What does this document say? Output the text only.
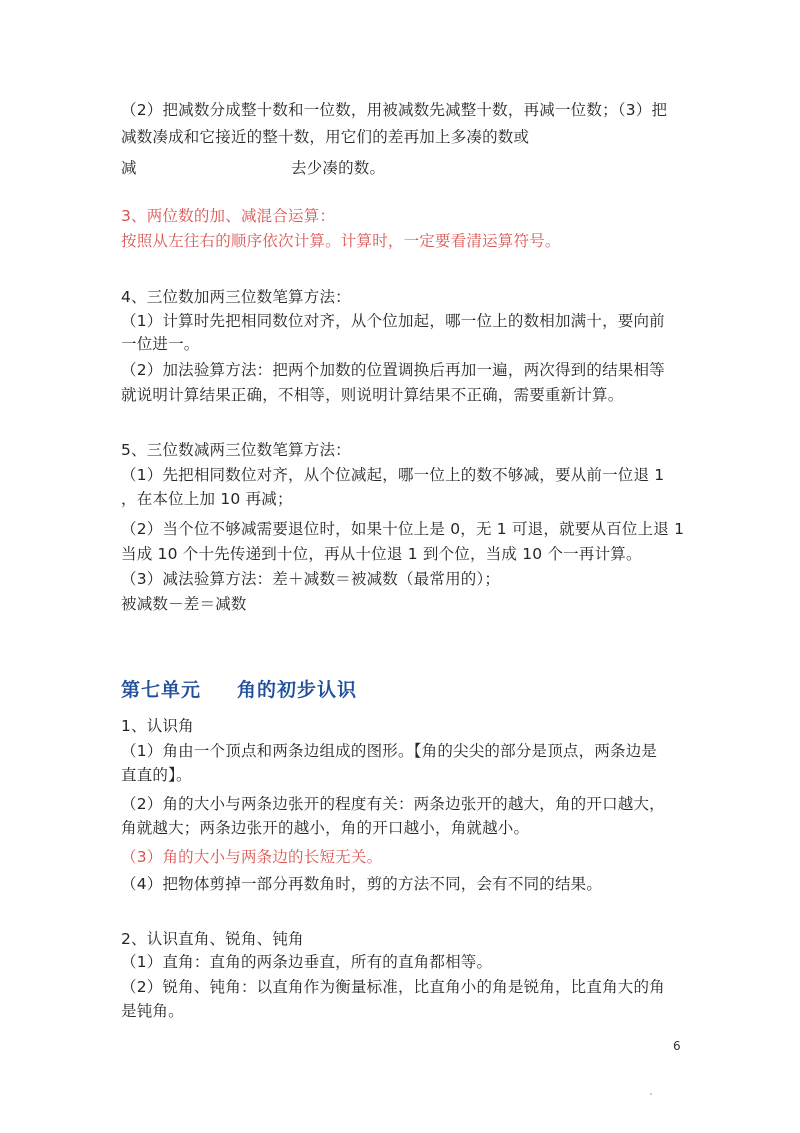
（2）把减数分成整十数和一位数，用被减数先减整十数，再减一位数；（3）把
减数凑成和它接近的整十数，用它们的差再加上多凑的数或
减	去少凑的数。
3、两位数的加、减混合运算：
按照从左往右的顺序依次计算。计算时，一定要看清运算符号。
4、三位数加两三位数笔算方法：
（1）计算时先把相同数位对齐，从个位加起，哪一位上的数相加满十，要向前
一位进一。
（2）加法验算方法：把两个加数的位置调换后再加一遍，两次得到的结果相等
就说明计算结果正确，不相等，则说明计算结果不正确，需要重新计算。
5、三位数减两三位数笔算方法：
（1）先把相同数位对齐，从个位减起，哪一位上的数不够减，要从前一位退 1
，在本位上加 10 再减；
（2）当个位不够减需要退位时，如果十位上是 0，无 1 可退，就要从百位上退 1
当成 10 个十先传递到十位，再从十位退 1 到个位，当成 10 个一再计算。
（3）减法验算方法：差＋减数＝被减数（最常用的）；
被减数－差＝减数
第七单元 角的初步认识
1、认识角
（1）角由一个顶点和两条边组成的图形。【角的尖尖的部分是顶点，两条边是
直直的】。
（2）角的大小与两条边张开的程度有关：两条边张开的越大，角的开口越大，
角就越大；两条边张开的越小，角的开口越小，角就越小。
（3）角的大小与两条边的长短无关。
（4）把物体剪掉一部分再数角时，剪的方法不同，会有不同的结果。
2、认识直角、锐角、钝角
（1）直角：直角的两条边垂直，所有的直角都相等。
（2）锐角、钝角：以直角作为衡量标准，比直角小的角是锐角，比直角大的角
是钝角。
6
